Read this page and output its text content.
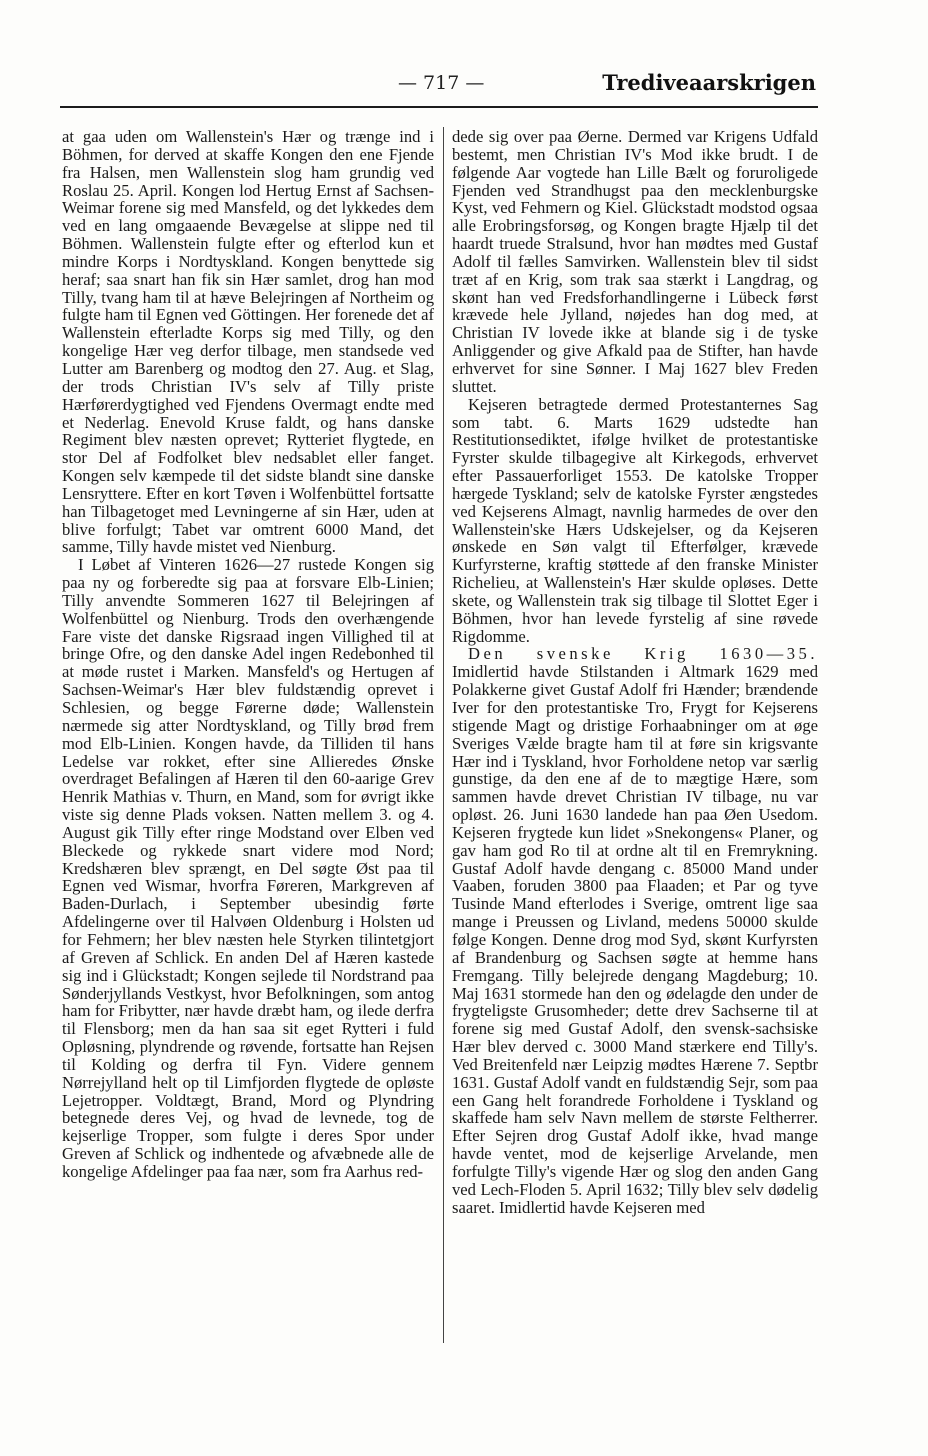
— 717 —	Trediveaarskrigen

at gaa uden om Wallenstein's Hær og trænge ind i Böhmen, for derved at skaffe Kongen den ene Fjende fra Halsen, men Wallenstein slog ham grundig ved Roslau 25. April. Kongen lod Hertug Ernst af Sachsen-Weimar forene sig med Mansfeld, og det lykkedes dem ved en lang omgaaende Bevægelse at slippe ned til Böhmen. Wallenstein fulgte efter og efterlod kun et mindre Korps i Nordtyskland. Kongen benyttede sig heraf; saa snart han fik sin Hær samlet, drog han mod Tilly, tvang ham til at hæve Belejringen af Northeim og fulgte ham til Egnen ved Göttingen. Her forenede det af Wallenstein efterladte Korps sig med Tilly, og den kongelige Hær veg derfor tilbage, men standsede ved Lutter am Barenberg og modtog den 27. Aug. et Slag, der trods Christian IV's selv af Tilly priste Hærførerdygtighed ved Fjendens Overmagt endte med et Nederlag. Enevold Kruse faldt, og hans danske Regiment blev næsten oprevet; Rytteriet flygtede, en stor Del af Fodfolket blev nedsablet eller fanget. Kongen selv kæmpede til det sidste blandt sine danske Lensryttere. Efter en kort Tøven i Wolfenbüttel fortsatte han Tilbagetoget med Levningerne af sin Hær, uden at blive forfulgt; Tabet var omtrent 6000 Mand, det samme, Tilly havde mistet ved Nienburg.

I Løbet af Vinteren 1626—27 rustede Kongen sig paa ny og forberedte sig paa at forsvare Elb-Linien; Tilly anvendte Sommeren 1627 til Belejringen af Wolfenbüttel og Nienburg. Trods den overhængende Fare viste det danske Rigsraad ingen Villighed til at bringe Ofre, og den danske Adel ingen Redebonhed til at møde rustet i Marken. Mansfeld's og Hertugen af Sachsen-Weimar's Hær blev fuldstændig oprevet i Schlesien, og begge Førerne døde; Wallenstein nærmede sig atter Nordtyskland, og Tilly brød frem mod Elb-Linien. Kongen havde, da Tilliden til hans Ledelse var rokket, efter sine Allieredes Ønske overdraget Befalingen af Hæren til den 60-aarige Grev Henrik Mathias v. Thurn, en Mand, som for øvrigt ikke viste sig denne Plads voksen. Natten mellem 3. og 4. August gik Tilly efter ringe Modstand over Elben ved Bleckede og rykkede snart videre mod Nord; Kredshæren blev sprængt, en Del søgte Øst paa til Egnen ved Wismar, hvorfra Føreren, Markgreven af Baden-Durlach, i September ubesindig førte Afdelingerne over til Halvøen Oldenburg i Holsten ud for Fehmern; her blev næsten hele Styrken tilintetgjort af Greven af Schlick. En anden Del af Hæren kastede sig ind i Glückstadt; Kongen sejlede til Nordstrand paa Sønderjyllands Vestkyst, hvor Befolkningen, som antog ham for Fribytter, nær havde dræbt ham, og ilede derfra til Flensborg; men da han saa sit eget Rytteri i fuld Opløsning, plyndrende og røvende, fortsatte han Rejsen til Kolding og derfra til Fyn. Videre gennem Nørrejylland helt op til Limfjorden flygtede de opløste Lejetropper. Voldtægt, Brand, Mord og Plyndring betegnede deres Vej, og hvad de levnede, tog de kejserlige Tropper, som fulgte i deres Spor under Greven af Schlick og indhentede og afvæbnede alle de kongelige Afdelinger paa faa nær, som fra Aarhus red-

dede sig over paa Øerne. Dermed var Krigens Udfald bestemt, men Christian IV's Mod ikke brudt. I de følgende Aar vogtede han Lille Bælt og foruroligede Fjenden ved Strandhugst paa den mecklenburgske Kyst, ved Fehmern og Kiel. Glückstadt modstod ogsaa alle Erobringsforsøg, og Kongen bragte Hjælp til det haardt truede Stralsund, hvor han mødtes med Gustaf Adolf til fælles Samvirken. Wallenstein blev til sidst træt af en Krig, som trak saa stærkt i Langdrag, og skønt han ved Fredsforhandlingerne i Lübeck først krævede hele Jylland, nøjedes han dog med, at Christian IV lovede ikke at blande sig i de tyske Anliggender og give Afkald paa de Stifter, han havde erhvervet for sine Sønner. I Maj 1627 blev Freden sluttet.

Kejseren betragtede dermed Protestanternes Sag som tabt. 6. Marts 1629 udstedte han Restitutionsediktet, ifølge hvilket de protestantiske Fyrster skulde tilbagegive alt Kirkegods, erhvervet efter Passauerforliget 1553. De katolske Tropper hærgede Tyskland; selv de katolske Fyrster ængstedes ved Kejserens Almagt, navnlig harmedes de over den Wallenstein'ske Hærs Udskejelser, og da Kejseren ønskede en Søn valgt til Efterfølger, krævede Kurfyrsterne, kraftig støttede af den franske Minister Richelieu, at Wallenstein's Hær skulde opløses. Dette skete, og Wallenstein trak sig tilbage til Slottet Eger i Böhmen, hvor han levede fyrstelig af sine røvede Rigdomme.

Den svenske Krig 1630—35. Imidlertid havde Stilstanden i Altmark 1629 med Polakkerne givet Gustaf Adolf fri Hænder; brændende Iver for den protestantiske Tro, Frygt for Kejserens stigende Magt og dristige Forhaabninger om at øge Sveriges Vælde bragte ham til at føre sin krigsvante Hær ind i Tyskland, hvor Forholdene netop var særlig gunstige, da den ene af de to mægtige Hære, som sammen havde drevet Christian IV tilbage, nu var opløst. 26. Juni 1630 landede han paa Øen Usedom. Kejseren frygtede kun lidet »Snekongens« Planer, og gav ham god Ro til at ordne alt til en Fremrykning. Gustaf Adolf havde dengang c. 85000 Mand under Vaaben, foruden 3800 paa Flaaden; et Par og tyve Tusinde Mand efterlodes i Sverige, omtrent lige saa mange i Preussen og Livland, medens 50000 skulde følge Kongen. Denne drog mod Syd, skønt Kurfyrsten af Brandenburg og Sachsen søgte at hemme hans Fremgang. Tilly belejrede dengang Magdeburg; 10. Maj 1631 stormede han den og ødelagde den under de frygteligste Grusomheder; dette drev Sachserne til at forene sig med Gustaf Adolf, den svensk-sachsiske Hær blev derved c. 3000 Mand stærkere end Tilly's. Ved Breitenfeld nær Leipzig mødtes Hærene 7. Septbr 1631. Gustaf Adolf vandt en fuldstændig Sejr, som paa een Gang helt forandrede Forholdene i Tyskland og skaffede ham selv Navn mellem de største Feltherrer. Efter Sejren drog Gustaf Adolf ikke, hvad mange havde ventet, mod de kejserlige Arvelande, men forfulgte Tilly's vigende Hær og slog den anden Gang ved Lech-Floden 5. April 1632; Tilly blev selv dødelig saaret. Imidlertid havde Kejseren med
